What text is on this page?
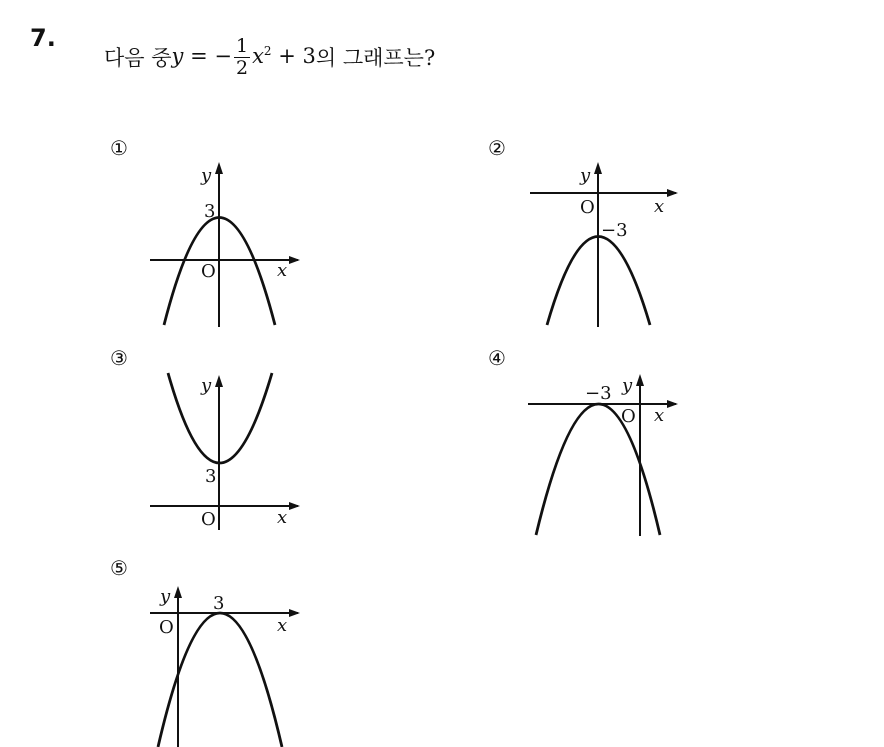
7.
다음 중 y = − $\frac{1}{2} x^2 + 3$ 의 그래프는?
①	②
③	④
⑤
y
x
O
3
y
x
O
−3
y
x
O
3
y
x
O
−3
y
x
O
3
